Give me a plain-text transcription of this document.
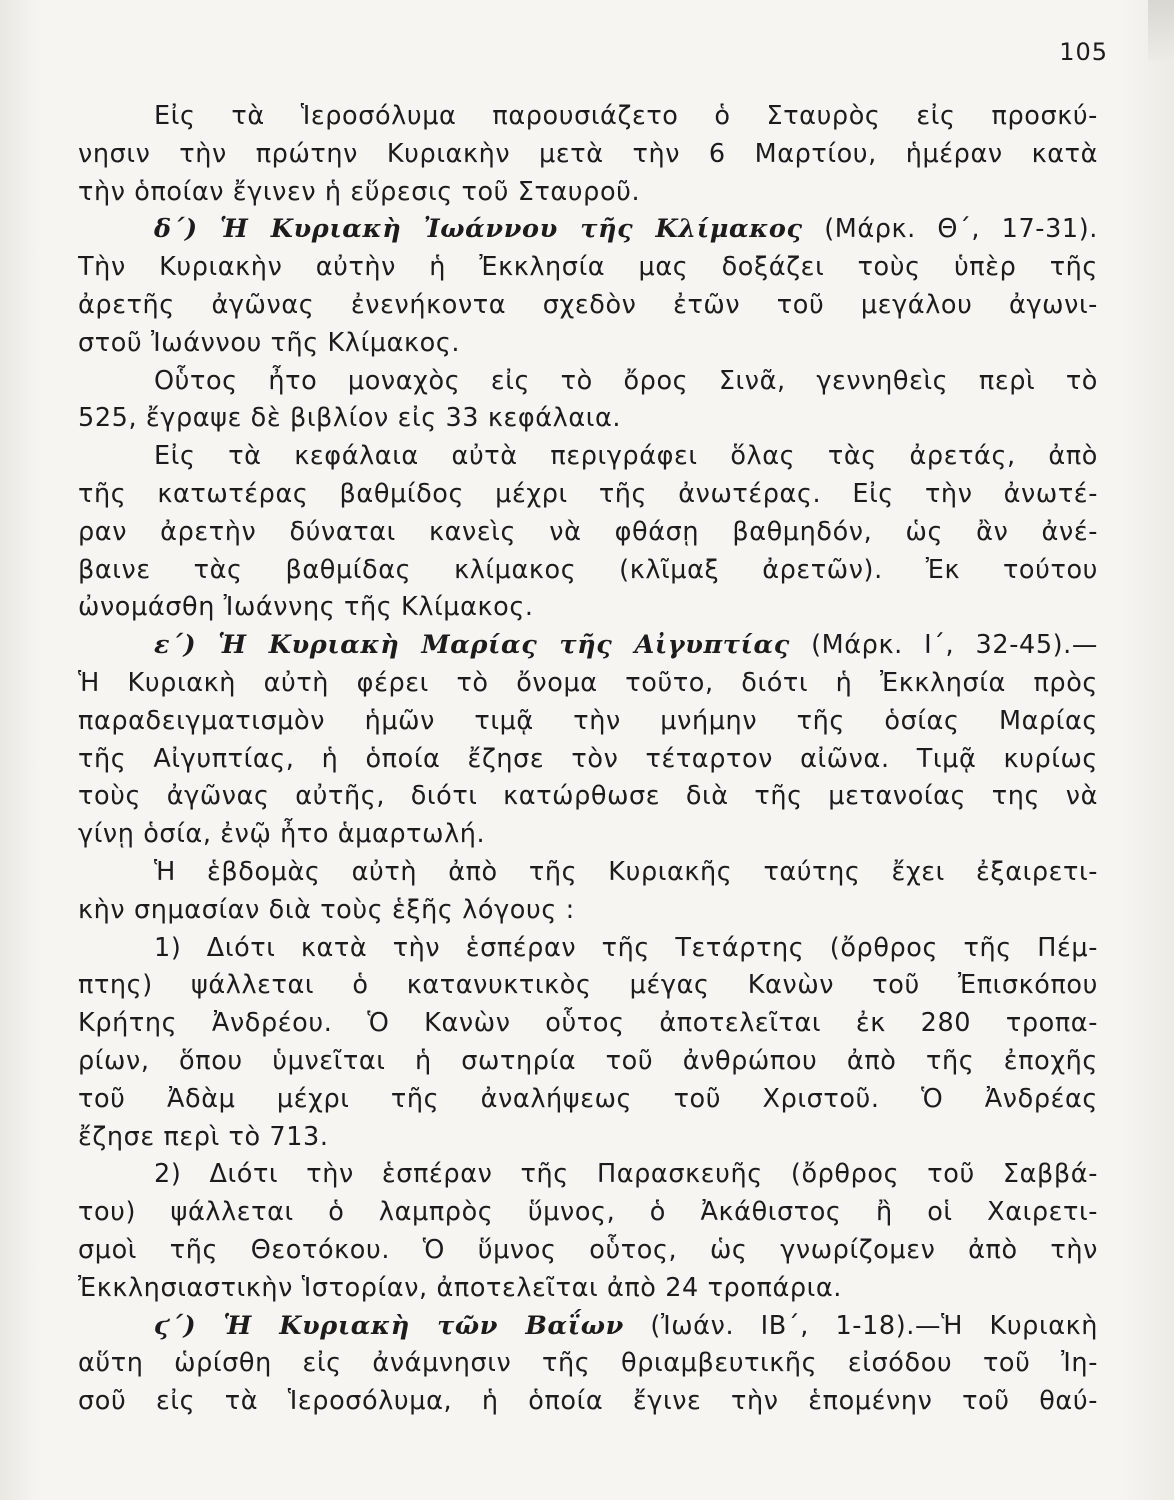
105
Εἰς τὰ Ἱεροσόλυμα παρουσιάζετο ὁ Σταυρὸς εἰς προσκύ-
νησιν τὴν πρώτην Κυριακὴν μετὰ τὴν 6 Μαρτίου, ἡμέραν κατὰ
τὴν ὁποίαν ἔγινεν ἡ εὕρεσις τοῦ Σταυροῦ.
δ´) Ἡ Κυριακὴ Ἰωάννου τῆς Κλίμακος (Μάρκ. Θ´, 17-31).
Τὴν Κυριακὴν αὐτὴν ἡ Ἐκκλησία μας δοξάζει τοὺς ὑπὲρ τῆς
ἀρετῆς ἀγῶνας ἐνενήκοντα σχεδὸν ἐτῶν τοῦ μεγάλου ἀγωνι-
στοῦ Ἰωάννου τῆς Κλίμακος.
Οὗτος ἦτο μοναχὸς εἰς τὸ ὄρος Σινᾶ, γεννηθεὶς περὶ τὸ
525, ἔγραψε δὲ βιβλίον εἰς 33 κεφάλαια.
Εἰς τὰ κεφάλαια αὐτὰ περιγράφει ὅλας τὰς ἀρετάς, ἀπὸ
τῆς κατωτέρας βαθμίδος μέχρι τῆς ἀνωτέρας. Εἰς τὴν ἀνωτέ-
ραν ἀρετὴν δύναται κανεὶς νὰ φθάσῃ βαθμηδόν, ὡς ἂν ἀνέ-
βαινε τὰς βαθμίδας κλίμακος (κλῖμαξ ἀρετῶν). Ἐκ τούτου
ὠνομάσθη Ἰωάννης τῆς Κλίμακος.
ε´) Ἡ Κυριακὴ Μαρίας τῆς Αἰγυπτίας (Μάρκ. Ι´, 32-45).—
Ἡ Κυριακὴ αὐτὴ φέρει τὸ ὄνομα τοῦτο, διότι ἡ Ἐκκλησία πρὸς
παραδειγματισμὸν ἡμῶν τιμᾷ τὴν μνήμην τῆς ὁσίας Μαρίας
τῆς Αἰγυπτίας, ἡ ὁποία ἔζησε τὸν τέταρτον αἰῶνα. Τιμᾷ κυρίως
τοὺς ἀγῶνας αὐτῆς, διότι κατώρθωσε διὰ τῆς μετανοίας της νὰ
γίνῃ ὁσία, ἐνῷ ἦτο ἁμαρτωλή.
Ἡ ἑβδομὰς αὐτὴ ἀπὸ τῆς Κυριακῆς ταύτης ἔχει ἐξαιρετι-
κὴν σημασίαν διὰ τοὺς ἑξῆς λόγους :
1) Διότι κατὰ τὴν ἑσπέραν τῆς Τετάρτης (ὄρθρος τῆς Πέμ-
πτης) ψάλλεται ὁ κατανυκτικὸς μέγας Κανὼν τοῦ Ἐπισκόπου
Κρήτης Ἀνδρέου. Ὁ Κανὼν οὗτος ἀποτελεῖται ἐκ 280 τροπα-
ρίων, ὅπου ὑμνεῖται ἡ σωτηρία τοῦ ἀνθρώπου ἀπὸ τῆς ἐποχῆς
τοῦ Ἀδὰμ μέχρι τῆς ἀναλήψεως τοῦ Χριστοῦ. Ὁ Ἀνδρέας
ἔζησε περὶ τὸ 713.
2) Διότι τὴν ἑσπέραν τῆς Παρασκευῆς (ὄρθρος τοῦ Σαββά-
του) ψάλλεται ὁ λαμπρὸς ὕμνος, ὁ Ἀκάθιστος ἢ οἱ Χαιρετι-
σμοὶ τῆς Θεοτόκου. Ὁ ὕμνος οὗτος, ὡς γνωρίζομεν ἀπὸ τὴν
Ἐκκλησιαστικὴν Ἱστορίαν, ἀποτελεῖται ἀπὸ 24 τροπάρια.
ϛ´) Ἡ Κυριακὴ τῶν Βαΐων (Ἰωάν. ΙΒ´, 1-18).—Ἡ Κυριακὴ
αὕτη ὡρίσθη εἰς ἀνάμνησιν τῆς θριαμβευτικῆς εἰσόδου τοῦ Ἰη-
σοῦ εἰς τὰ Ἱεροσόλυμα, ἡ ὁποία ἔγινε τὴν ἑπομένην τοῦ θαύ-
